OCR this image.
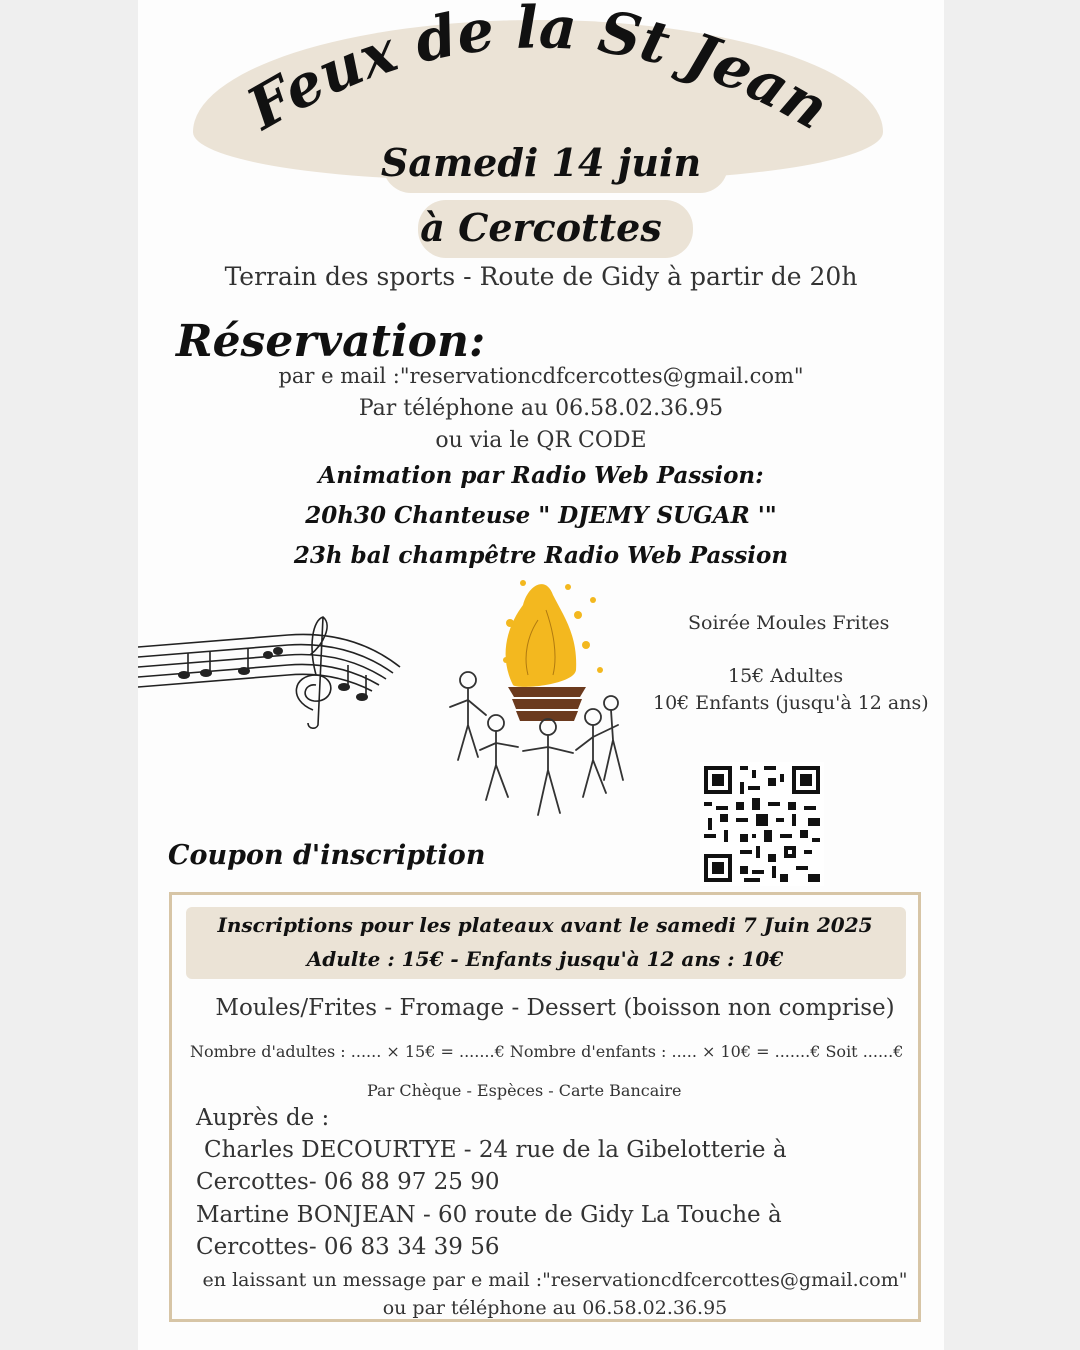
Feux de la St Jean
Samedi 14 juin
à Cercottes
Terrain des sports - Route de Gidy à partir de 20h
Réservation:
par e mail :"reservationcdfcercottes@gmail.com"
Par téléphone au 06.58.02.36.95
ou via le QR CODE
Animation par Radio Web Passion:
20h30 Chanteuse " DJEMY SUGAR '"
23h bal champêtre Radio Web Passion
Soirée Moules Frites
15€ Adultes
10€ Enfants (jusqu'à 12 ans)
Coupon d'inscription
Inscriptions pour les plateaux avant le samedi 7 Juin 2025
Adulte : 15€ - Enfants jusqu'à 12 ans : 10€
Moules/Frites - Fromage - Dessert (boisson non comprise)
Nombre d'adultes : ...... × 15€ = .......€ Nombre d'enfants : ..... × 10€ = .......€ Soit ......€
Par Chèque - Espèces - Carte Bancaire
Auprès de :
Charles DECOURTYE - 24 rue de la Gibelotterie à
Cercottes- 06 88 97 25 90
Martine BONJEAN - 60 route de Gidy La Touche à
Cercottes- 06 83 34 39 56
en laissant un message par e mail :"reservationcdfcercottes@gmail.com"
ou par téléphone au 06.58.02.36.95
